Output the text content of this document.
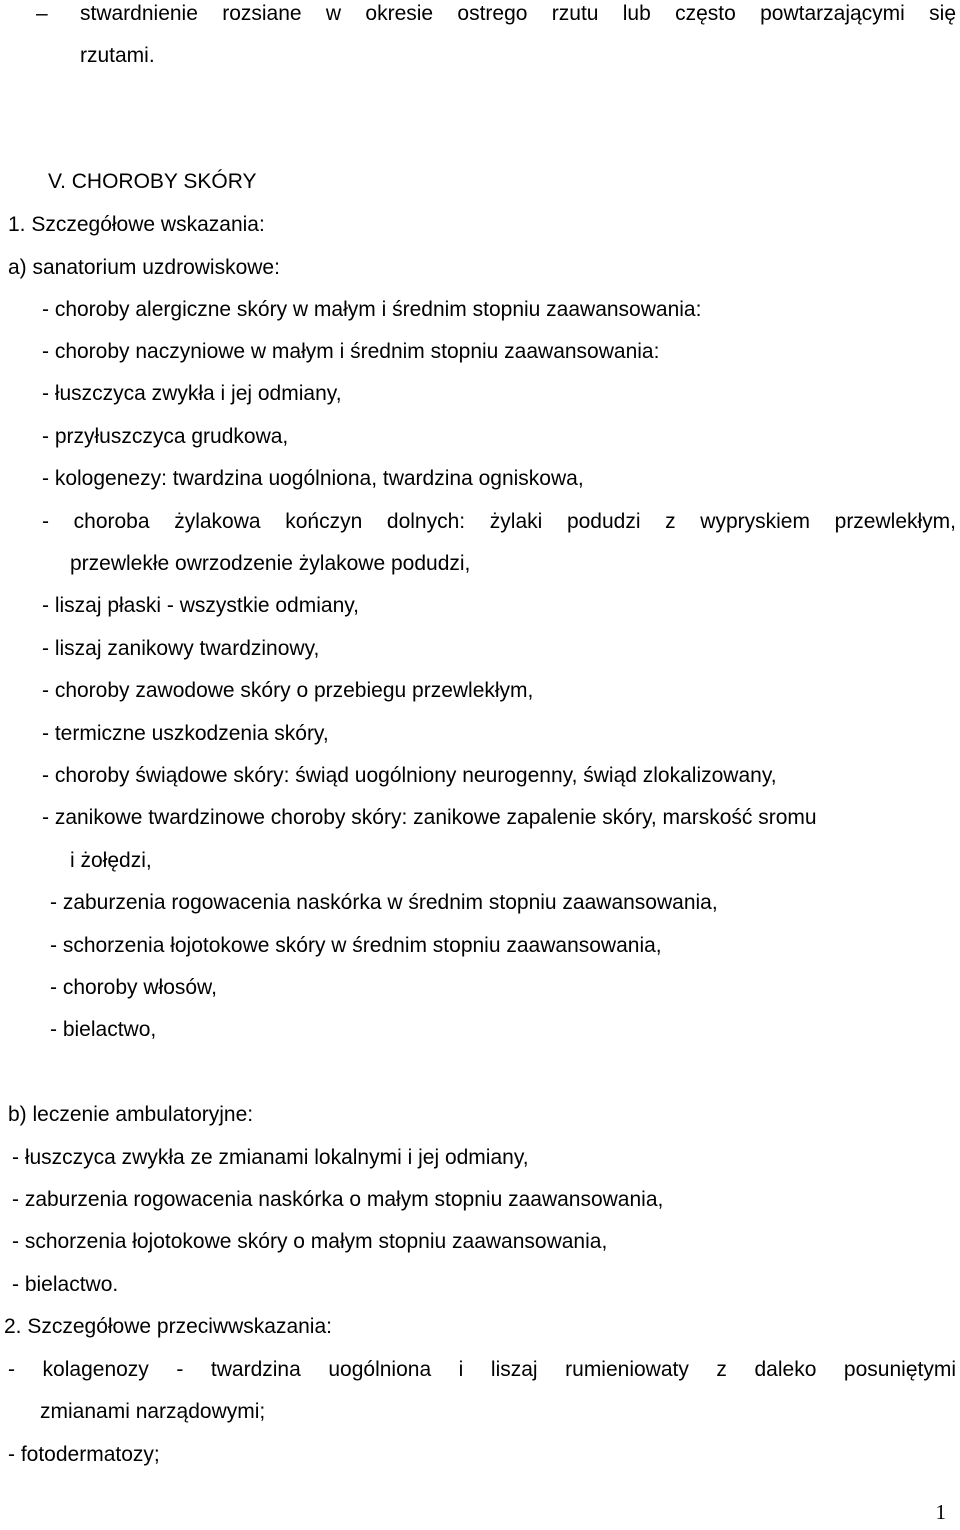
– stwardnienie rozsiane w okresie ostrego rzutu lub często powtarzającymi się
rzutami.
V. CHOROBY SKÓRY
1. Szczegółowe wskazania:
a) sanatorium uzdrowiskowe:
- choroby alergiczne skóry w małym i średnim stopniu zaawansowania:
- choroby naczyniowe w małym i średnim stopniu zaawansowania:
- łuszczyca zwykła i jej odmiany,
- przyłuszczyca grudkowa,
- kologenezy: twardzina uogólniona, twardzina ogniskowa,
- choroba żylakowa kończyn dolnych: żylaki podudzi z wypryskiem przewlekłym,
przewlekłe owrzodzenie żylakowe podudzi,
- liszaj płaski - wszystkie odmiany,
- liszaj zanikowy twardzinowy,
- choroby zawodowe skóry o przebiegu przewlekłym,
- termiczne uszkodzenia skóry,
- choroby świądowe skóry: świąd uogólniony neurogenny, świąd zlokalizowany,
- zanikowe twardzinowe choroby skóry: zanikowe zapalenie skóry, marskość sromu
i żołędzi,
- zaburzenia rogowacenia naskórka w średnim stopniu zaawansowania,
- schorzenia łojotokowe skóry w średnim stopniu zaawansowania,
- choroby włosów,
- bielactwo,
b) leczenie ambulatoryjne:
- łuszczyca zwykła ze zmianami lokalnymi i jej odmiany,
- zaburzenia rogowacenia naskórka o małym stopniu zaawansowania,
- schorzenia łojotokowe skóry o małym stopniu zaawansowania,
- bielactwo.
2. Szczegółowe przeciwwskazania:
- kolagenozy - twardzina uogólniona i liszaj rumieniowaty z daleko posuniętymi
zmianami narządowymi;
- fotodermatozy;
1
